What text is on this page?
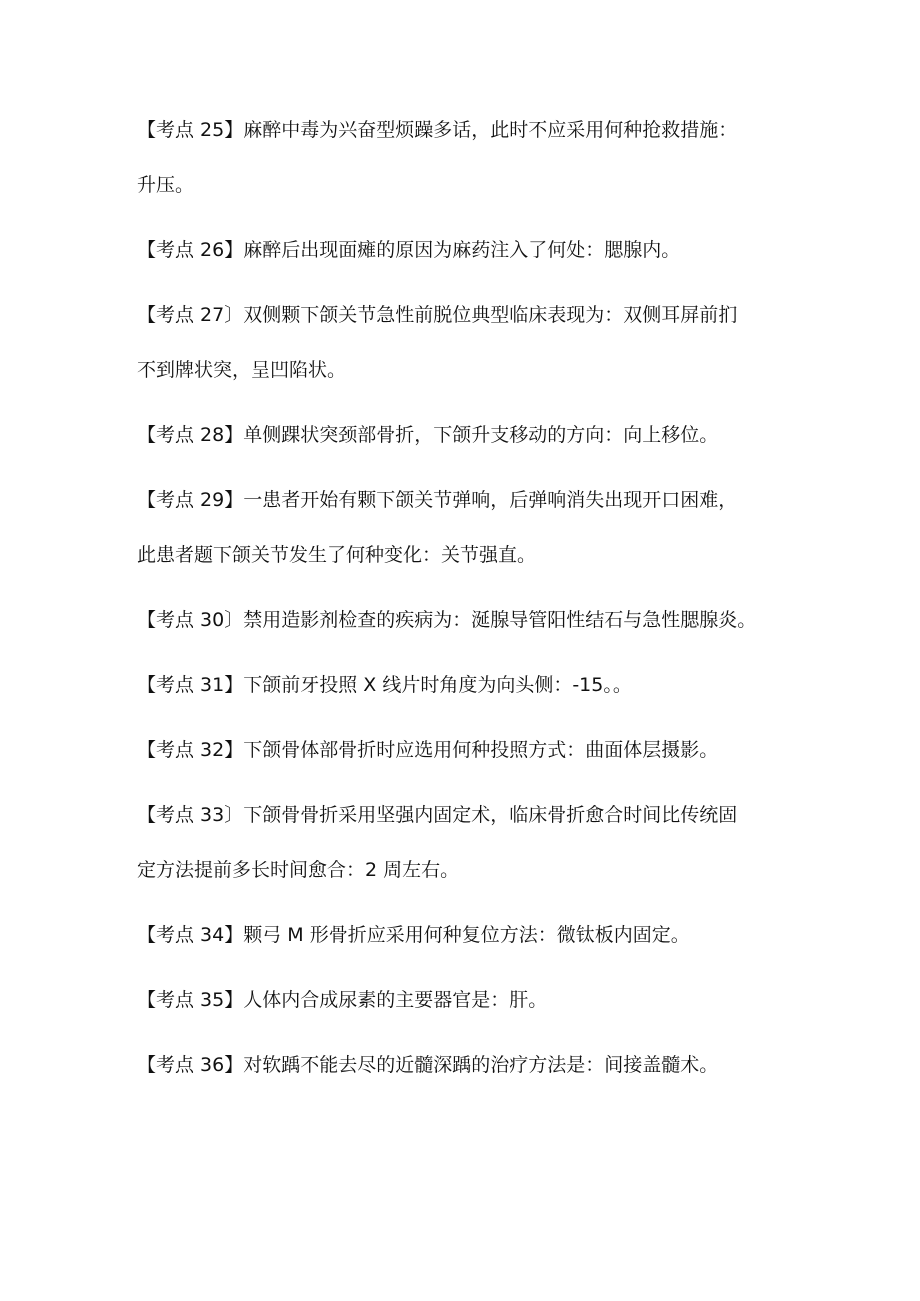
【考点 25】麻醉中毒为兴奋型烦躁多话，此时不应采用何种抢救措施：
升压。
【考点 26】麻醉后出现面瘫的原因为麻药注入了何处：腮腺内。
【考点 27〕双侧颗下颌关节急性前脱位典型临床表现为：双侧耳屏前扪
不到牌状突，呈凹陷状。
【考点 28】单侧踝状突颈部骨折，下颌升支移动的方向：向上移位。
【考点 29】一患者开始有颗下颌关节弹响，后弹响消失出现开口困难，
此患者题下颌关节发生了何种变化：关节强直。
【考点 30〕禁用造影剂检查的疾病为：涎腺导管阳性结石与急性腮腺炎。
【考点 31】下颌前牙投照 X 线片时角度为向头侧：-15。。
【考点 32】下颌骨体部骨折时应选用何种投照方式：曲面体层摄影。
【考点 33〕下颌骨骨折采用坚强内固定术，临床骨折愈合时间比传统固
定方法提前多长时间愈合：2 周左右。
【考点 34】颗弓 M 形骨折应采用何种复位方法：微钛板内固定。
【考点 35】人体内合成尿素的主要器官是：肝。
【考点 36】对软踽不能去尽的近髓深踽的治疗方法是：间接盖髓术。
